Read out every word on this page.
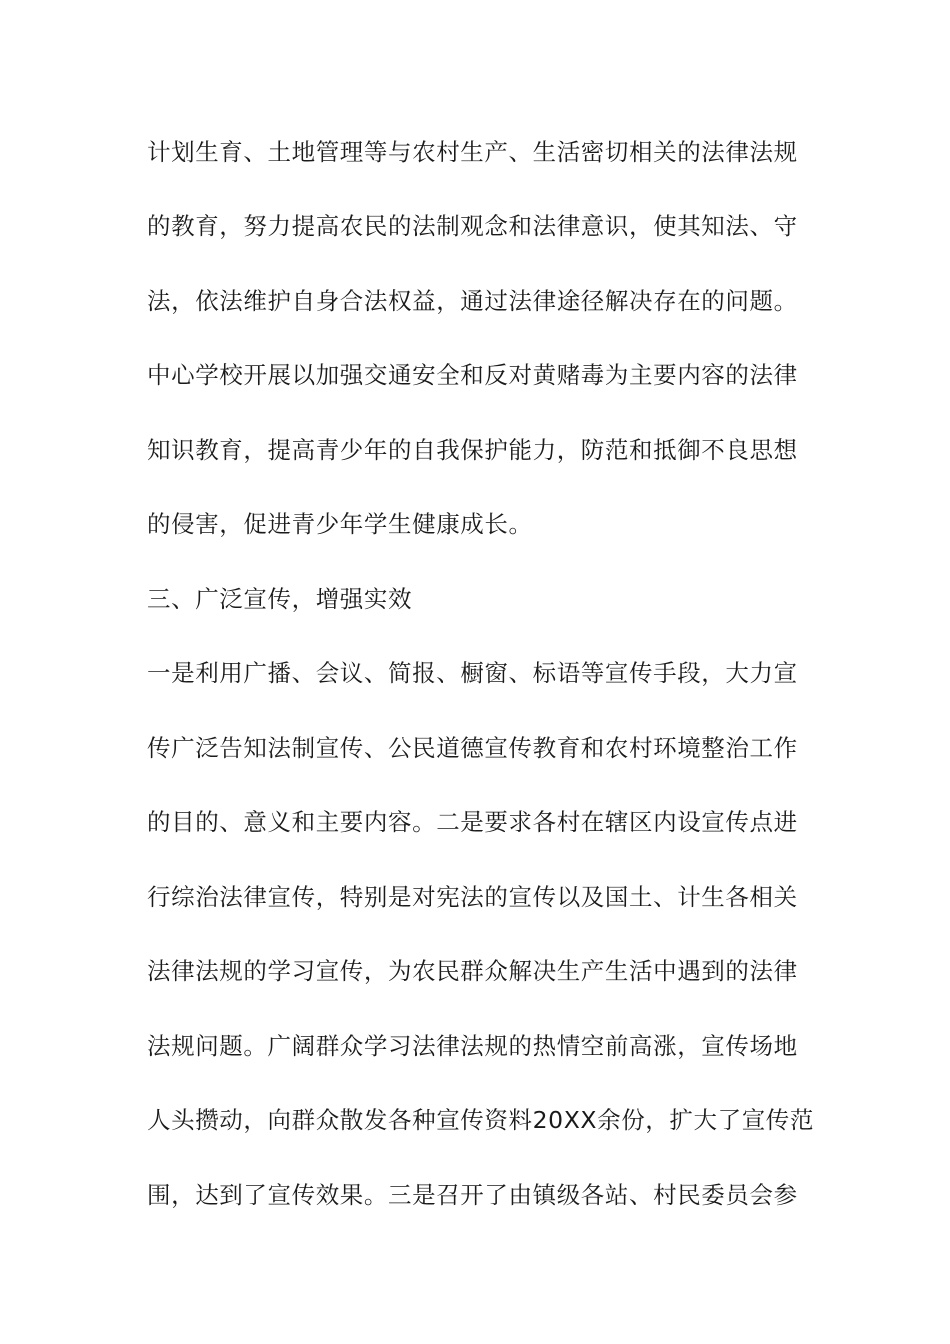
计划生育、土地管理等与农村生产、生活密切相关的法律法规
的教育，努力提高农民的法制观念和法律意识，使其知法、守
法，依法维护自身合法权益，通过法律途径解决存在的问题。
中心学校开展以加强交通安全和反对黄赌毒为主要内容的法律
知识教育，提高青少年的自我保护能力，防范和抵御不良思想
的侵害，促进青少年学生健康成长。
三、广泛宣传，增强实效
一是利用广播、会议、简报、橱窗、标语等宣传手段，大力宣
传广泛告知法制宣传、公民道德宣传教育和农村环境整治工作
的目的、意义和主要内容。二是要求各村在辖区内设宣传点进
行综治法律宣传，特别是对宪法的宣传以及国土、计生各相关
法律法规的学习宣传，为农民群众解决生产生活中遇到的法律
法规问题。广阔群众学习法律法规的热情空前高涨，宣传场地
人头攒动，向群众散发各种宣传资料20XX余份，扩大了宣传范
围，达到了宣传效果。三是召开了由镇级各站、村民委员会参
